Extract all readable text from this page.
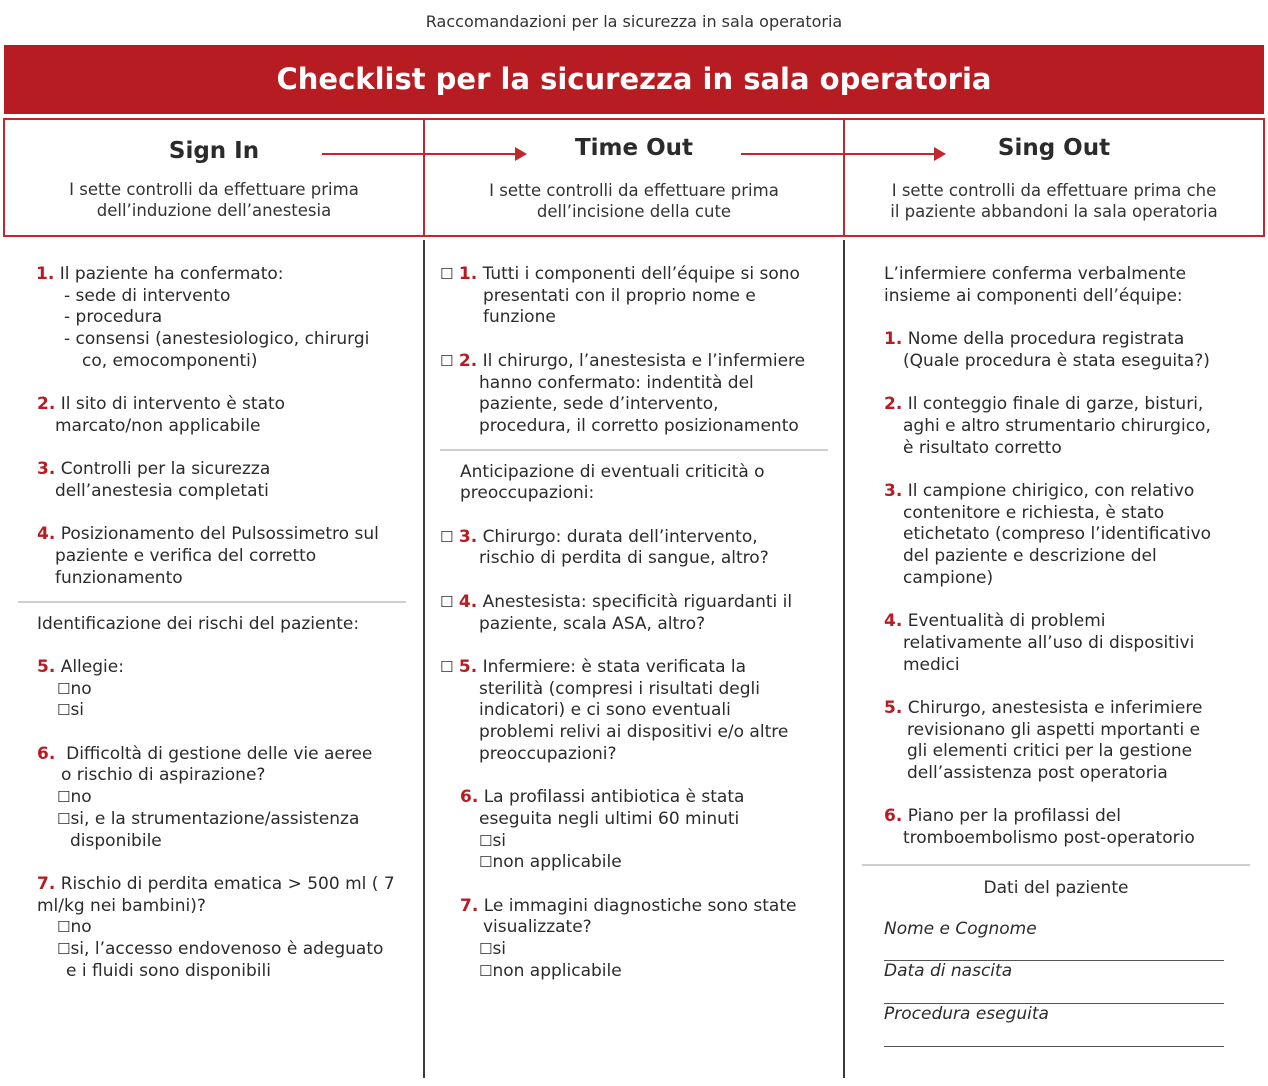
Raccomandazioni per la sicurezza in sala operatoria
Checklist per la sicurezza in sala operatoria
Sign In	Time Out	Sing Out
I sette controlli da effettuare prima
dell’induzione dell’anestesia
I sette controlli da effettuare prima
dell’incisione della cute
I sette controlli da effettuare prima che
il paziente abbandoni la sala operatoria

1. Il paziente ha confermato:

- sede di intervento

- procedura

- consensi (anestesiologico, chirurgi

co, emocomponenti)

2. Il sito di intervento è stato

marcato/non applicabile

3. Controlli per la sicurezza

dell’anestesia completati

4. Posizionamento del Pulsossimetro sul

paziente e verifica del corretto

funzionamento

Identificazione dei rischi del paziente:

5. Allegie:

☐no

☐si

6. Difficoltà di gestione delle vie aeree

o rischio di aspirazione?

☐no

☐si, e la strumentazione/assistenza

disponibile

7. Rischio di perdita ematica > 500 ml ( 7

ml/kg nei bambini)?

☐no

☐si, l’accesso endovenoso è adeguato

e i fluidi sono disponibili

☐ 1. Tutti i componenti dell’équipe si sono

presentati con il proprio nome e

funzione

☐ 2. Il chirurgo, l’anestesista e l’infermiere

hanno confermato: indentità del

paziente, sede d’intervento,

procedura, il corretto posizionamento

Anticipazione di eventuali criticità o

preoccupazioni:

☐ 3. Chirurgo: durata dell’intervento,

rischio di perdita di sangue, altro?

☐ 4. Anestesista: specificità riguardanti il

paziente, scala ASA, altro?

☐ 5. Infermiere: è stata verificata la

sterilità (compresi i risultati degli

indicatori) e ci sono eventuali

problemi relivi ai dispositivi e/o altre

preoccupazioni?

6. La profilassi antibiotica è stata

eseguita negli ultimi 60 minuti

☐si

☐non applicabile

7. Le immagini diagnostiche sono state

visualizzate?

☐si

☐non applicabile

L’infermiere conferma verbalmente

insieme ai componenti dell’équipe:

1. Nome della procedura registrata

(Quale procedura è stata eseguita?)

2. Il conteggio finale di garze, bisturi,

aghi e altro strumentario chirurgico,

è risultato corretto

3. Il campione chirigico, con relativo

contenitore e richiesta, è stato

etichetato (compreso l’identificativo

del paziente e descrizione del

campione)

4. Eventualità di problemi

relativamente all’uso di dispositivi

medici

5. Chirurgo, anestesista e inferimiere

revisionano gli aspetti mportanti e

gli elementi critici per la gestione

dell’assistenza post operatoria

6. Piano per la profilassi del

tromboembolismo post-operatorio

Dati del paziente

Nome e Cognome

Data di nascita

Procedura eseguita
